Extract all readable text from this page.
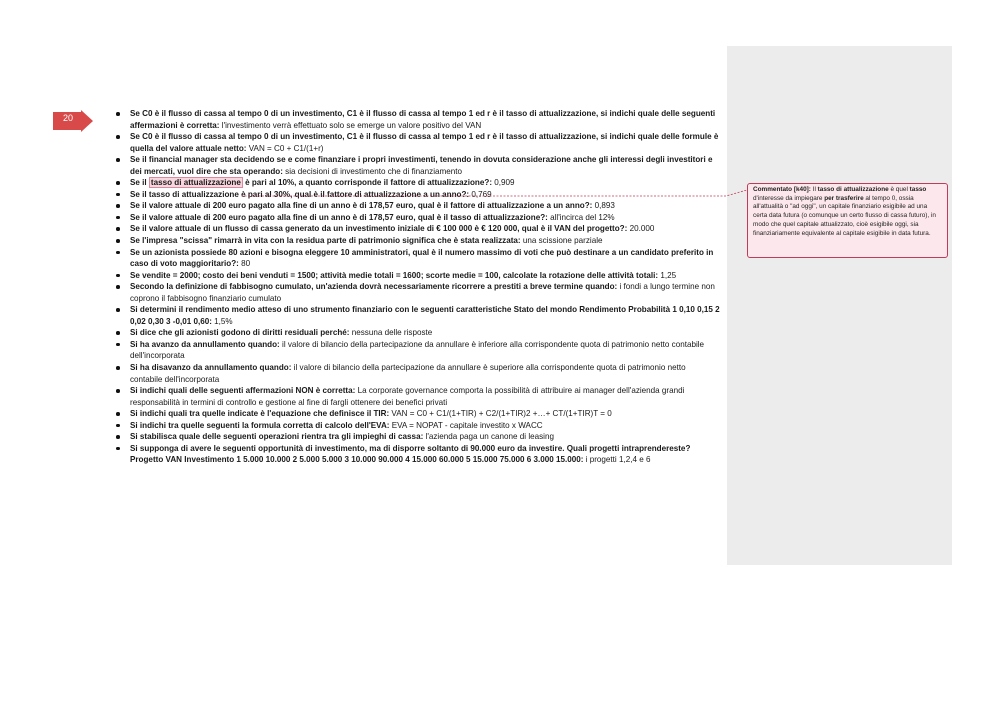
20	Se C0 è il flusso di cassa al tempo 0 di un investimento, C1 è il flusso di cassa al tempo 1 ed r è il tasso di attualizzazione, si indichi quale delle seguenti affermazioni è corretta: l'investimento verrà effettuato solo se emerge un valore positivo del VAN
Se C0 è il flusso di cassa al tempo 0 di un investimento, C1 è il flusso di cassa al tempo 1 ed r è il tasso di attualizzazione, si indichi quale delle formule è quella del valore attuale netto: VAN = C0 + C1/(1+r)
Se il financial manager sta decidendo se e come finanziare i propri investimenti, tenendo in dovuta considerazione anche gli interessi degli investitori e dei mercati, vuol dire che sta operando: sia decisioni di investimento che di finanziamento
Se il tasso di attualizzazione è pari al 10%, a quanto corrisponde il fattore di attualizzazione?: 0,909
Se il tasso di attualizzazione è pari al 30%, qual è il fattore di attualizzazione a un anno?: 0,769
Se il valore attuale di 200 euro pagato alla fine di un anno è di 178,57 euro, qual è il fattore di attualizzazione a un anno?: 0,893
Se il valore attuale di 200 euro pagato alla fine di un anno è di 178,57 euro, qual è il tasso di attualizzazione?: all'incirca del 12%
Se il valore attuale di un flusso di cassa generato da un investimento iniziale di € 100 000 è € 120 000, qual è il VAN del progetto?: 20.000
Se l'impresa "scissa" rimarrà in vita con la residua parte di patrimonio significa che è stata realizzata: una scissione parziale
Se un azionista possiede 80 azioni e bisogna eleggere 10 amministratori, qual è il numero massimo di voti che può destinare a un candidato preferito in caso di voto maggioritario?: 80
Se vendite = 2000; costo dei beni venduti = 1500; attività medie totali = 1600; scorte medie = 100, calcolate la rotazione delle attività totali: 1,25
Secondo la definizione di fabbisogno cumulato, un'azienda dovrà necessariamente ricorrere a prestiti a breve termine quando: i fondi a lungo termine non coprono il fabbisogno finanziario cumulato
Si determini il rendimento medio atteso di uno strumento finanziario con le seguenti caratteristiche Stato del mondo Rendimento Probabilità 1 0,10 0,15 2 0,02 0,30 3 -0,01 0,60: 1,5%
Si dice che gli azionisti godono di diritti residuali perché: nessuna delle risposte
Si ha avanzo da annullamento quando: il valore di bilancio della partecipazione da annullare è inferiore alla corrispondente quota di patrimonio netto contabile dell'incorporata
Si ha disavanzo da annullamento quando: il valore di bilancio della partecipazione da annullare è superiore alla corrispondente quota di patrimonio netto contabile dell'incorporata
Si indichi quali delle seguenti affermazioni NON è corretta: La corporate governance comporta la possibilità di attribuire ai manager dell'azienda grandi responsabilità in termini di controllo e gestione al fine di fargli ottenere dei benefici privati
Si indichi quali tra quelle indicate è l'equazione che definisce il TIR: VAN = C0 + C1/(1+TIR) + C2/(1+TIR)2 +…+ CT/(1+TIR)T = 0
Si indichi tra quelle seguenti la formula corretta di calcolo dell'EVA: EVA = NOPAT - capitale investito x WACC
Si stabilisca quale delle seguenti operazioni rientra tra gli impieghi di cassa: l'azienda paga un canone di leasing
Si supponga di avere le seguenti opportunità di investimento, ma di disporre soltanto di 90.000 euro da investire. Quali progetti intraprendereste? Progetto VAN Investimento 1 5.000 10.000 2 5.000 5.000 3 10.000 90.000 4 15.000 60.000 5 15.000 75.000 6 3.000 15.000: i progetti 1,2,4 e 6
Commentato [k40]: Il tasso di attualizzazione è quel tasso d'interesse da impiegare per trasferire al tempo 0, ossia all'attualità o "ad oggi", un capitale finanziario esigibile ad una certa data futura (o comunque un certo flusso di cassa futuro), in modo che quel capitale attualizzato, cioè esigibile oggi, sia finanziariamente equivalente al capitale esigibile in data futura.
